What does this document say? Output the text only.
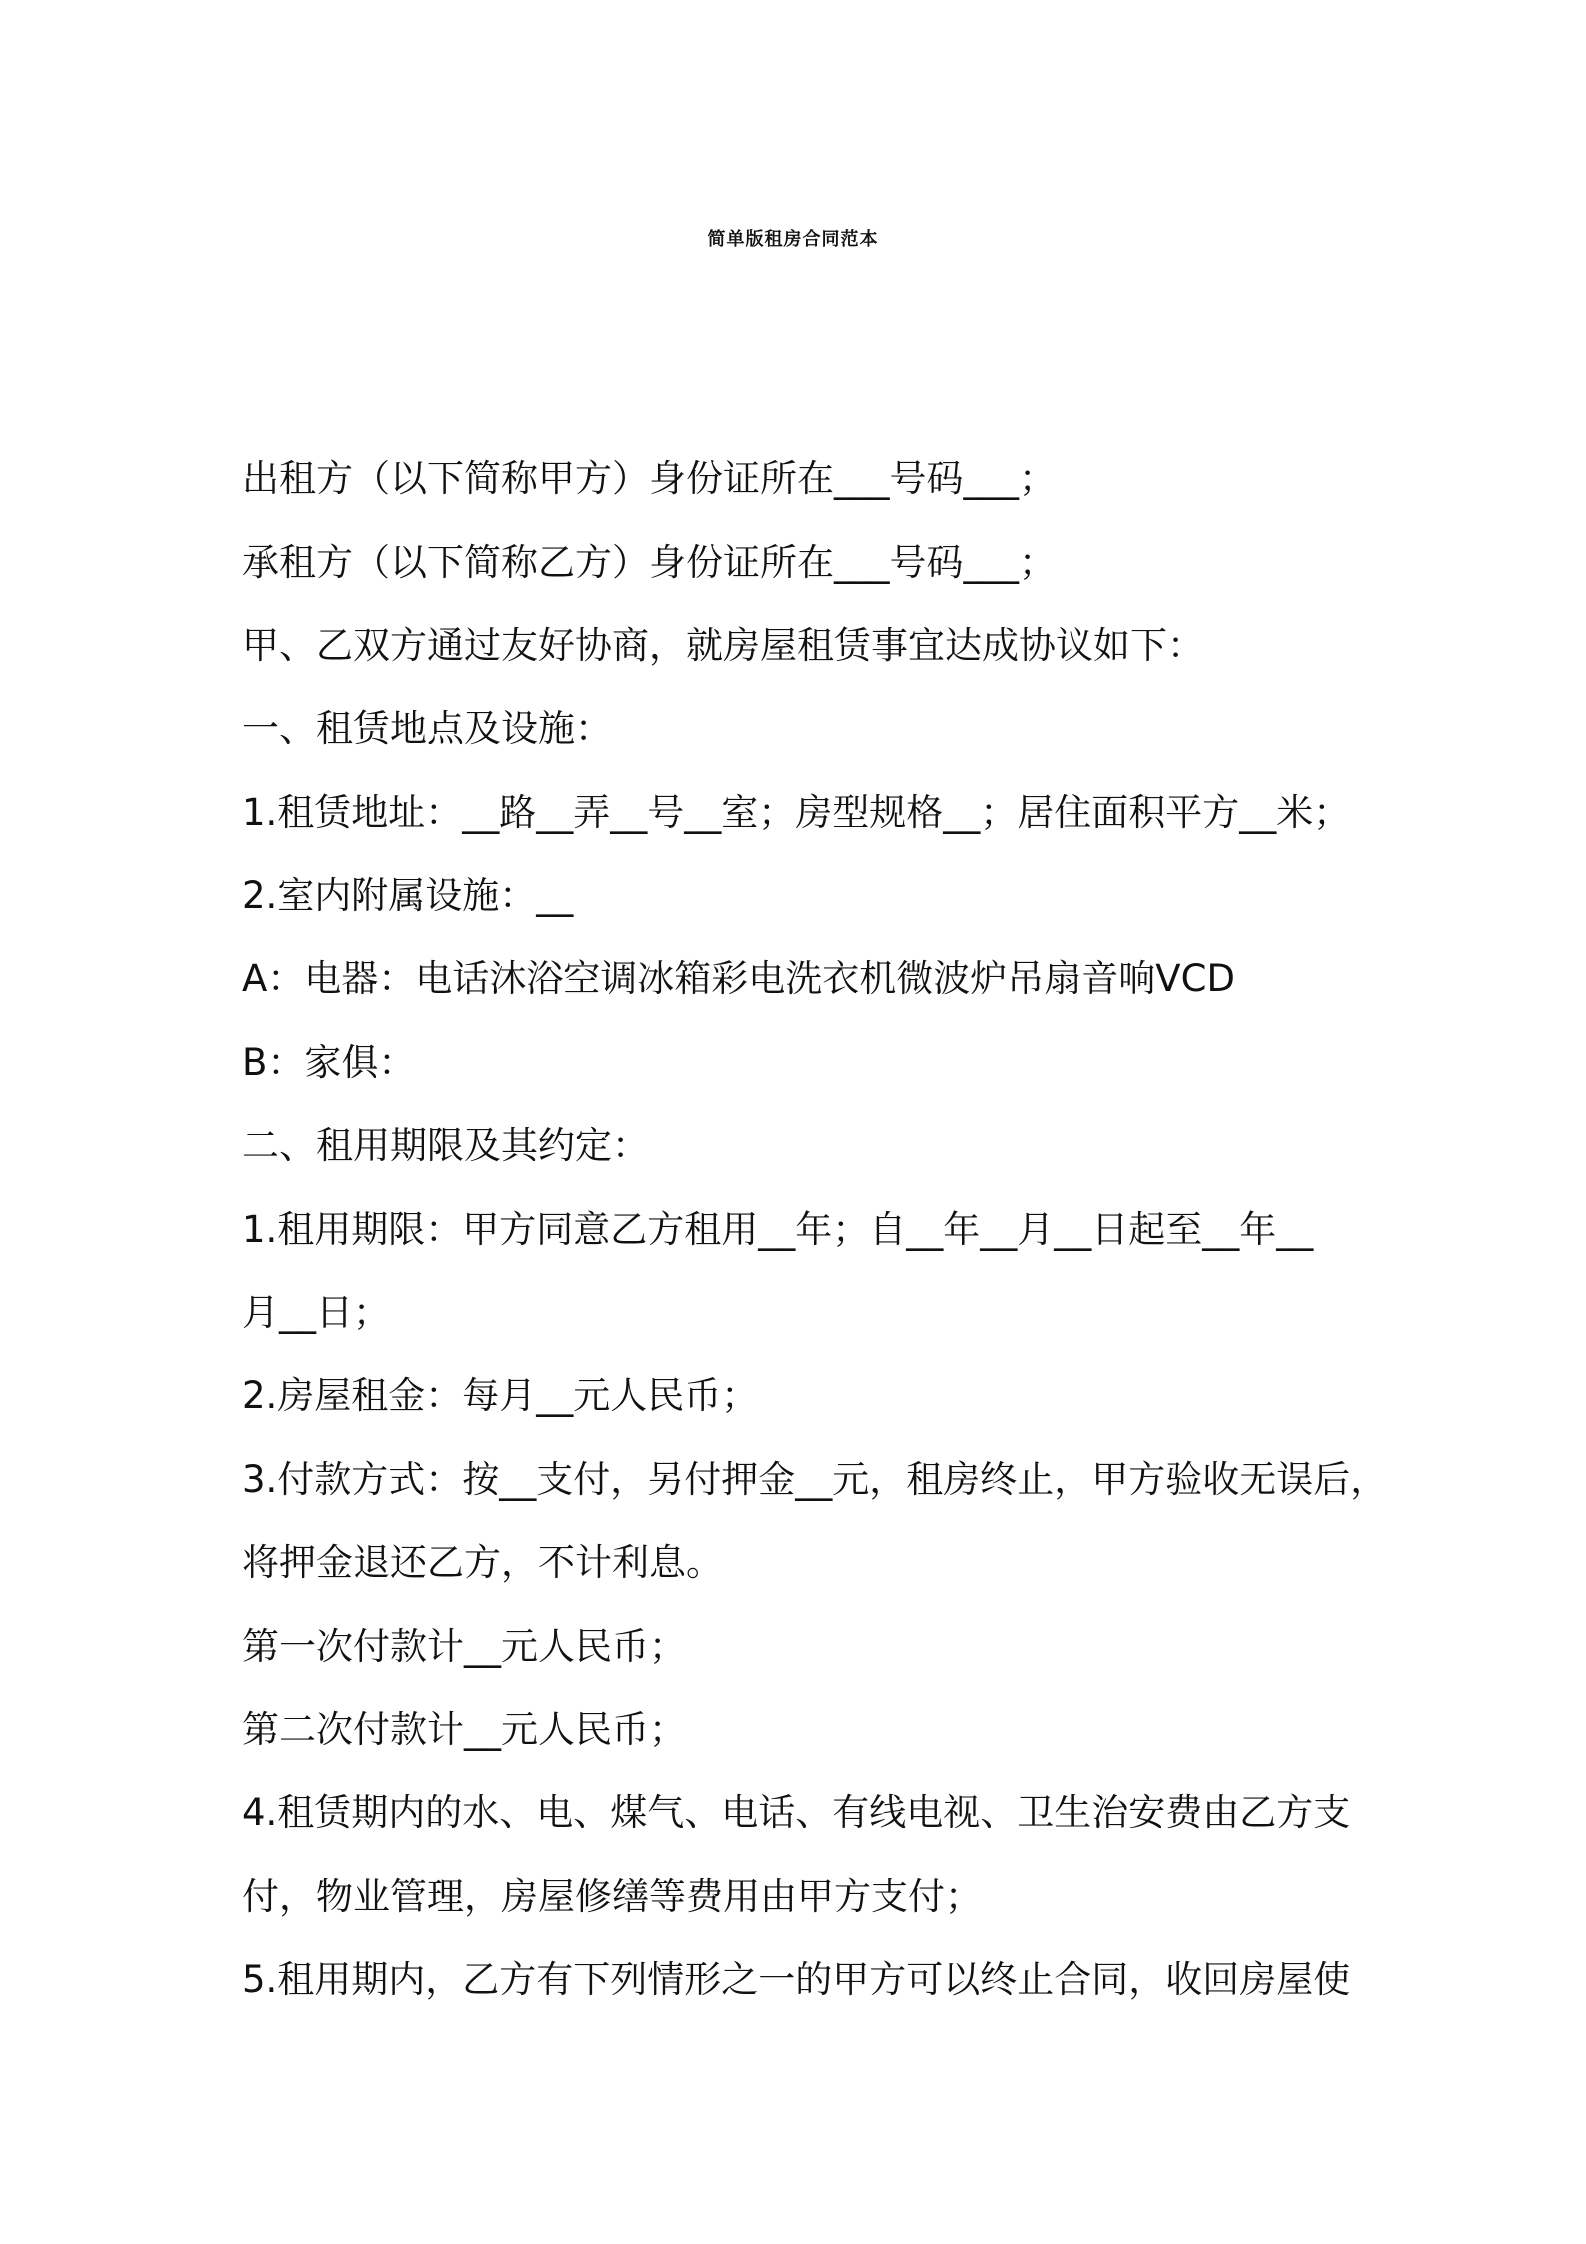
简单版租房合同范本
出租方（以下简称甲方）身份证所在___号码___；
承租方（以下简称乙方）身份证所在___号码___；
甲、乙双方通过友好协商，就房屋租赁事宜达成协议如下：
一、租赁地点及设施：
1.租赁地址：__路__弄__号__室；房型规格__；居住面积平方__米；
2.室内附属设施：__
A：电器：电话沐浴空调冰箱彩电洗衣机微波炉吊扇音响VCD
B：家俱：
二、租用期限及其约定：
1.租用期限：甲方同意乙方租用__年；自__年__月__日起至__年__
月__日；
2.房屋租金：每月__元人民币；
3.付款方式：按__支付，另付押金__元，租房终止，甲方验收无误后，
将押金退还乙方，不计利息。
第一次付款计__元人民币；
第二次付款计__元人民币；
4.租赁期内的水、电、煤气、电话、有线电视、卫生治安费由乙方支
付，物业管理，房屋修缮等费用由甲方支付；
5.租用期内，乙方有下列情形之一的甲方可以终止合同，收回房屋使
